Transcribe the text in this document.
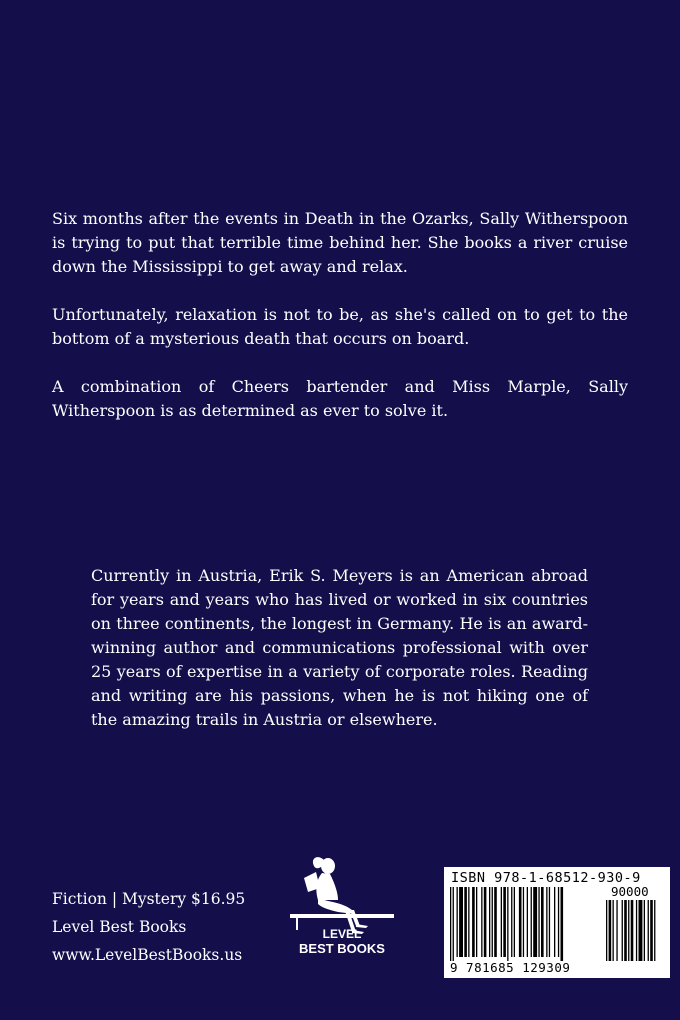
Six months after the events in Death in the Ozarks, Sally Witherspoon is trying to put that terrible time behind her. She books a river cruise down the Mississippi to get away and relax.

Unfortunately, relaxation is not to be, as she's called on to get to the bottom of a mysterious death that occurs on board.

A combination of Cheers bartender and Miss Marple, Sally Witherspoon is as determined as ever to solve it.

Currently in Austria, Erik S. Meyers is an American abroad for years and years who has lived or worked in six countries on three continents, the longest in Germany. He is an award-winning author and communications professional with over 25 years of expertise in a variety of corporate roles. Reading and writing are his passions, when he is not hiking one of the amazing trails in Austria or elsewhere.

Fiction | Mystery $16.95
Level Best Books
www.LevelBestBooks.us
LEVEL
BEST BOOKS
ISBN 978-1-68512-930-9
90000
9 781685 129309
